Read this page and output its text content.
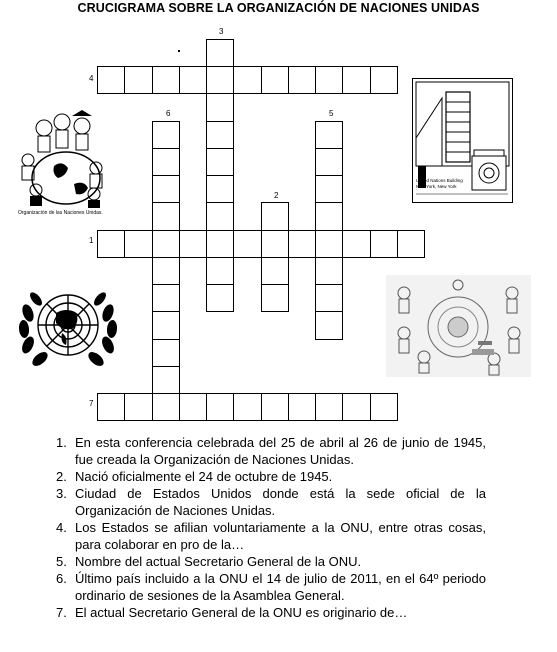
CRUCIGRAMA SOBRE LA ORGANIZACIÓN DE NACIONES UNIDAS
3
4
6	5
2
1
7
Organización de las Naciones Unidas.
United Nations Building
New York, New York
1. En esta conferencia celebrada del 25 de abril al 26 de junio de 1945, fue creada la Organización de Naciones Unidas.
2. Nació oficialmente el 24 de octubre de 1945.
3. Ciudad de Estados Unidos donde está la sede oficial de la Organización de Naciones Unidas.
4. Los Estados se afilian voluntariamente a la ONU, entre otras cosas, para colaborar en pro de la…
5. Nombre del actual Secretario General de la ONU.
6. Último país incluido a la ONU el 14 de julio de 2011, en el 64º periodo ordinario de sesiones de la Asamblea General.
7. El actual Secretario General de la ONU es originario de…
